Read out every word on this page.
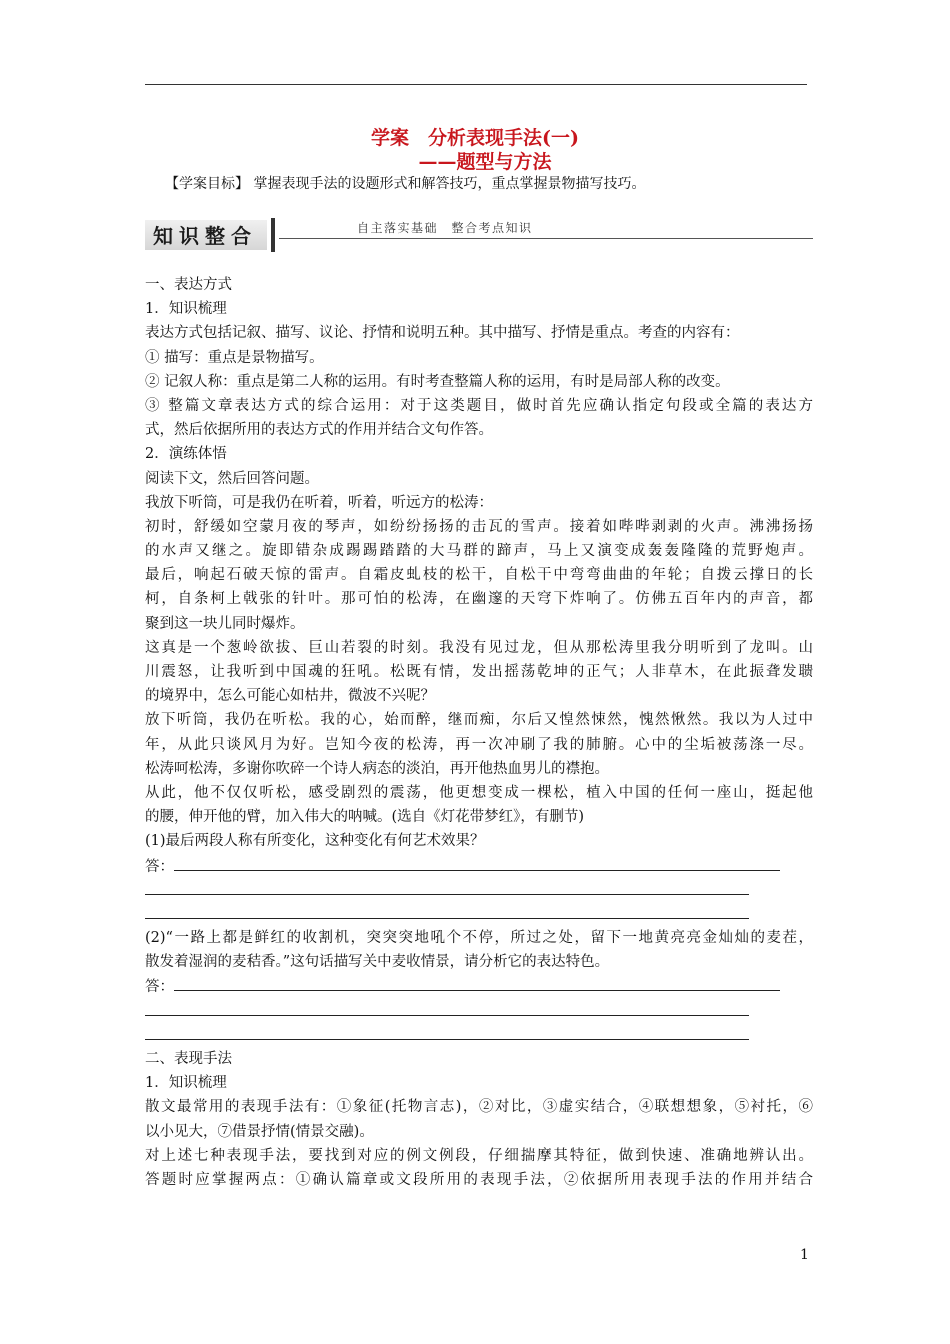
学案　分析表现手法(一)
——题型与方法
【学案目标】 掌握表现手法的设题形式和解答技巧，重点掌握景物描写技巧。
知识整合	自主落实基础　整合考点知识
一、表达方式
1．知识梳理
表达方式包括记叙、描写、议论、抒情和说明五种。其中描写、抒情是重点。考查的内容有：
① 描写：重点是景物描写。
② 记叙人称：重点是第二人称的运用。有时考查整篇人称的运用，有时是局部人称的改变。
③ 整篇文章表达方式的综合运用：对于这类题目，做时首先应确认指定句段或全篇的表达方
式，然后依据所用的表达方式的作用并结合文句作答。
2．演练体悟
阅读下文，然后回答问题。
我放下听筒，可是我仍在听着，听着，听远方的松涛：
初时，舒缓如空蒙月夜的琴声，如纷纷扬扬的击瓦的雪声。接着如哔哔剥剥的火声。沸沸扬扬
的水声又继之。旋即错杂成踢踢踏踏的大马群的蹄声，马上又演变成轰轰隆隆的荒野炮声。
最后，响起石破天惊的雷声。自霜皮虬枝的松干，自松干中弯弯曲曲的年轮；自拨云撑日的长
柯，自条柯上戟张的针叶。那可怕的松涛，在幽邃的天穹下炸响了。仿佛五百年内的声音，都
聚到这一块儿同时爆炸。
这真是一个葱岭欲拔、巨山若裂的时刻。我没有见过龙，但从那松涛里我分明听到了龙叫。山
川震怒，让我听到中国魂的狂吼。松既有情，发出摇荡乾坤的正气；人非草木，在此振聋发聩
的境界中，怎么可能心如枯井，微波不兴呢？
放下听筒，我仍在听松。我的心，始而醉，继而痴，尔后又惶然悚然，愧然愀然。我以为人过中
年，从此只谈风月为好。岂知今夜的松涛，再一次冲刷了我的肺腑。心中的尘垢被荡涤一尽。
松涛呵松涛，多谢你吹碎一个诗人病态的淡泊，再开他热血男儿的襟抱。
从此，他不仅仅听松，感受剧烈的震荡，他更想变成一棵松，植入中国的任何一座山，挺起他
的腰，伸开他的臂，加入伟大的呐喊。(选自《灯花带梦红》，有删节)
(1)最后两段人称有所变化，这种变化有何艺术效果？
答：
(2)“一路上都是鲜红的收割机，突突突地吼个不停，所过之处，留下一地黄亮亮金灿灿的麦茬，
散发着湿润的麦秸香。”这句话描写关中麦收情景，请分析它的表达特色。
答：
二、表现手法
1．知识梳理
散文最常用的表现手法有：①象征(托物言志)，②对比，③虚实结合，④联想想象，⑤衬托，⑥
以小见大，⑦借景抒情(情景交融)。
对上述七种表现手法，要找到对应的例文例段，仔细揣摩其特征，做到快速、准确地辨认出。
答题时应掌握两点：①确认篇章或文段所用的表现手法，②依据所用表现手法的作用并结合
1
